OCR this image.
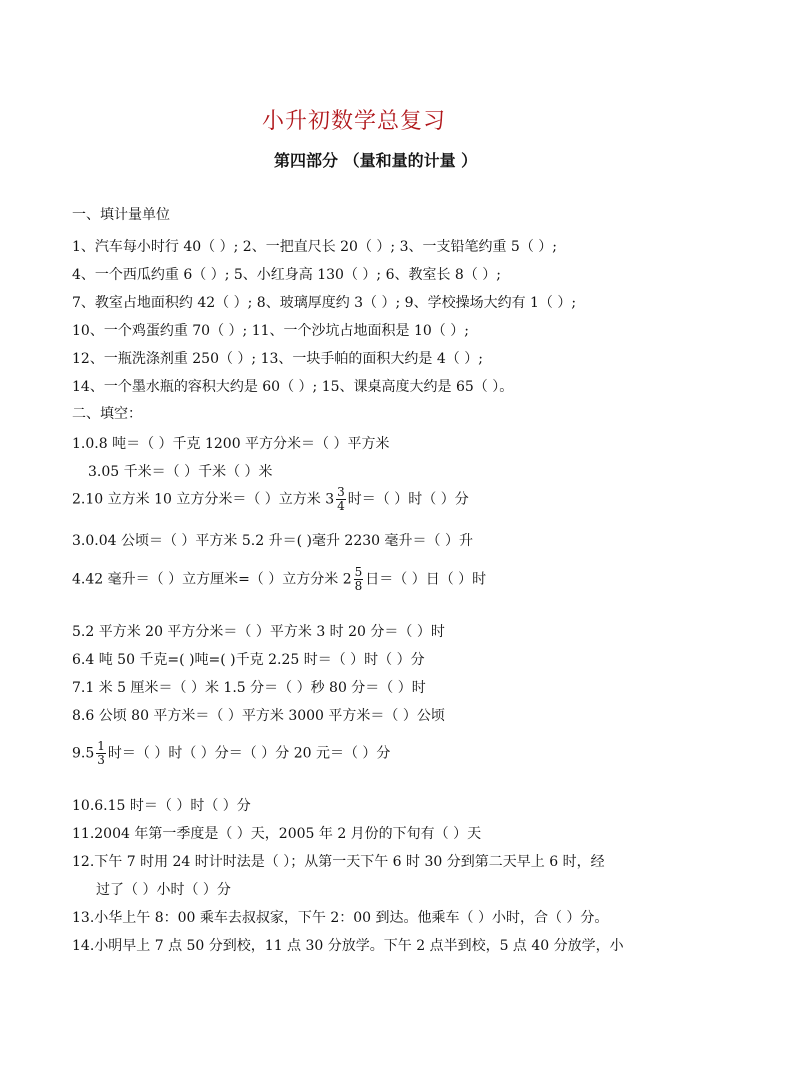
小升初数学总复习
第四部分 （量和量的计量 ）
一、填计量单位
1、汽车每小时行 40（ ）; 2、一把直尺长 20（ ）; 3、一支铅笔约重 5（ ）;
4、一个西瓜约重 6（ ）; 5、小红身高 130（ ）; 6、教室长 8（ ）;
7、教室占地面积约 42（ ）; 8、玻璃厚度约 3（ ）; 9、学校操场大约有 1（ ）;
10、一个鸡蛋约重 70（ ）; 11、一个沙坑占地面积是 10（ ）;
12、一瓶洗涤剂重 250（ ）; 13、一块手帕的面积大约是 4（ ）;
14、一个墨水瓶的容积大约是 60（ ）; 15、课桌高度大约是 65（ ）。
二、填空：
1.0.8 吨＝（ ）千克 1200 平方分米＝（ ）平方米
3.05 千米＝（ ）千米（ ）米
2.10 立方米 10 立方分米＝（ ）立方米 $3 \frac{3}{4}$ 时＝（ ）时（ ）分
3.0.04 公顷＝（ ）平方米 5.2 升＝( )毫升 2230 毫升＝（ ）升
4.42 毫升＝（ ）立方厘米=（ ）立方分米 $2 \frac{5}{8}$ 日＝（ ）日（ ）时
5.2 平方米 20 平方分米＝（ ）平方米 3 时 20 分＝（ ）时
6.4 吨 50 千克=( )吨=( )千克 2.25 时＝（ ）时（ ）分
7.1 米 5 厘米＝（ ）米 1.5 分＝（ ）秒 80 分＝（ ）时
8.6 公顷 80 平方米＝（ ）平方米 3000 平方米＝（ ）公顷
$9.5 \frac{1}{3}$ 时＝（ ）时（ ）分＝（ ）分 20 元＝（ ）分
10.6.15 时＝（ ）时（ ）分
11.2004 年第一季度是（ ）天，2005 年 2 月份的下旬有（ ）天
12.下午 7 时用 24 时计时法是（ ）；从第一天下午 6 时 30 分到第二天早上 6 时，经
过了（ ）小时（ ）分
13.小华上午 8：00 乘车去叔叔家，下午 2：00 到达。他乘车（ ）小时，合（ ）分。
14.小明早上 7 点 50 分到校，11 点 30 分放学。下午 2 点半到校，5 点 40 分放学，小
